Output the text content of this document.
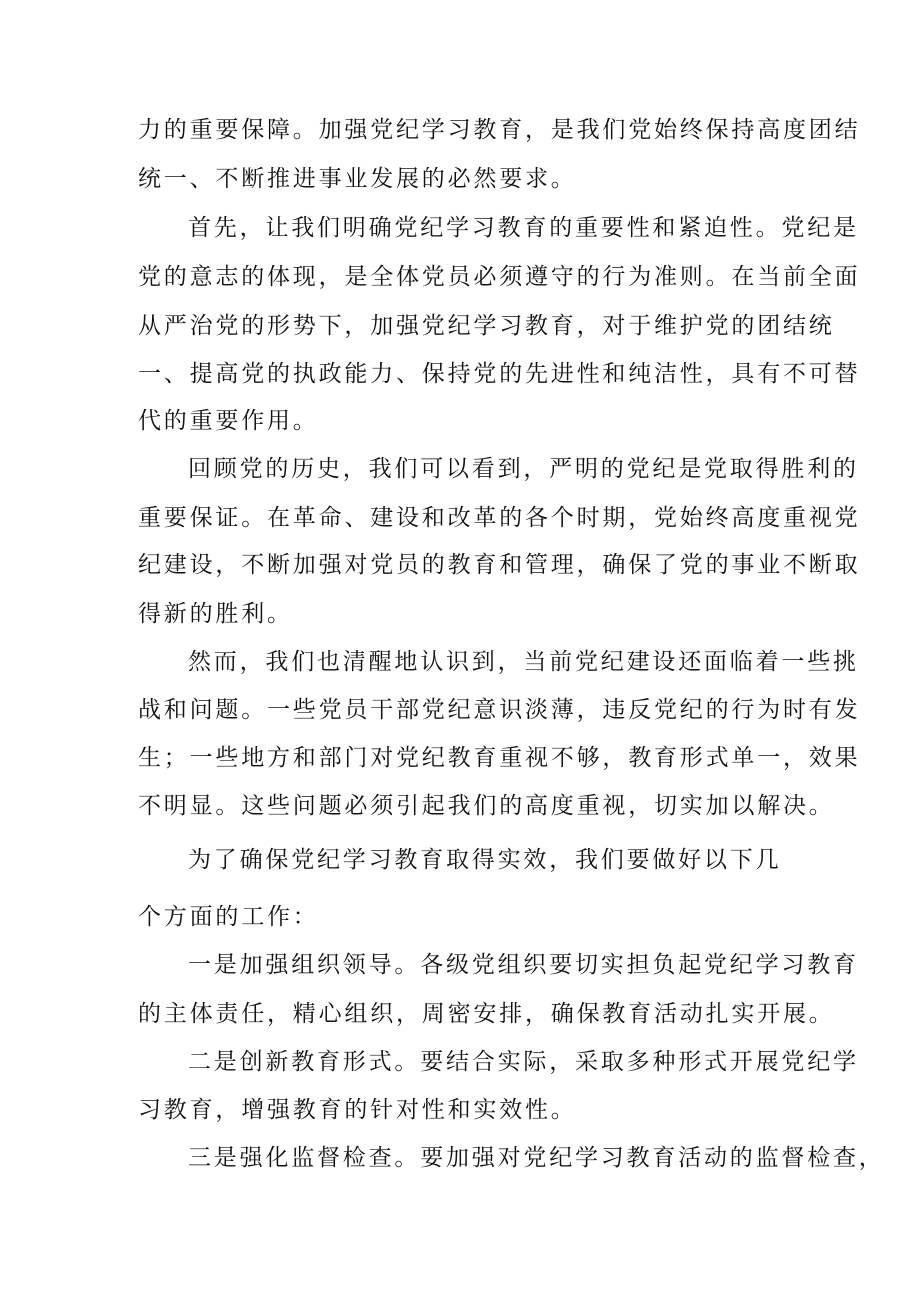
力的重要保障。加强党纪学习教育，是我们党始终保持高度团结
统一、不断推进事业发展的必然要求。
首先，让我们明确党纪学习教育的重要性和紧迫性。党纪是
党的意志的体现，是全体党员必须遵守的行为准则。在当前全面
从严治党的形势下，加强党纪学习教育，对于维护党的团结统
一、提高党的执政能力、保持党的先进性和纯洁性，具有不可替
代的重要作用。
回顾党的历史，我们可以看到，严明的党纪是党取得胜利的
重要保证。在革命、建设和改革的各个时期，党始终高度重视党
纪建设，不断加强对党员的教育和管理，确保了党的事业不断取
得新的胜利。
然而，我们也清醒地认识到，当前党纪建设还面临着一些挑
战和问题。一些党员干部党纪意识淡薄，违反党纪的行为时有发
生；一些地方和部门对党纪教育重视不够，教育形式单一，效果
不明显。这些问题必须引起我们的高度重视，切实加以解决。
为了确保党纪学习教育取得实效，我们要做好以下几
个方面的工作：
一是加强组织领导。各级党组织要切实担负起党纪学习教育
的主体责任，精心组织，周密安排，确保教育活动扎实开展。
二是创新教育形式。要结合实际，采取多种形式开展党纪学
习教育，增强教育的针对性和实效性。
三是强化监督检查。要加强对党纪学习教育活动的监督检查，
